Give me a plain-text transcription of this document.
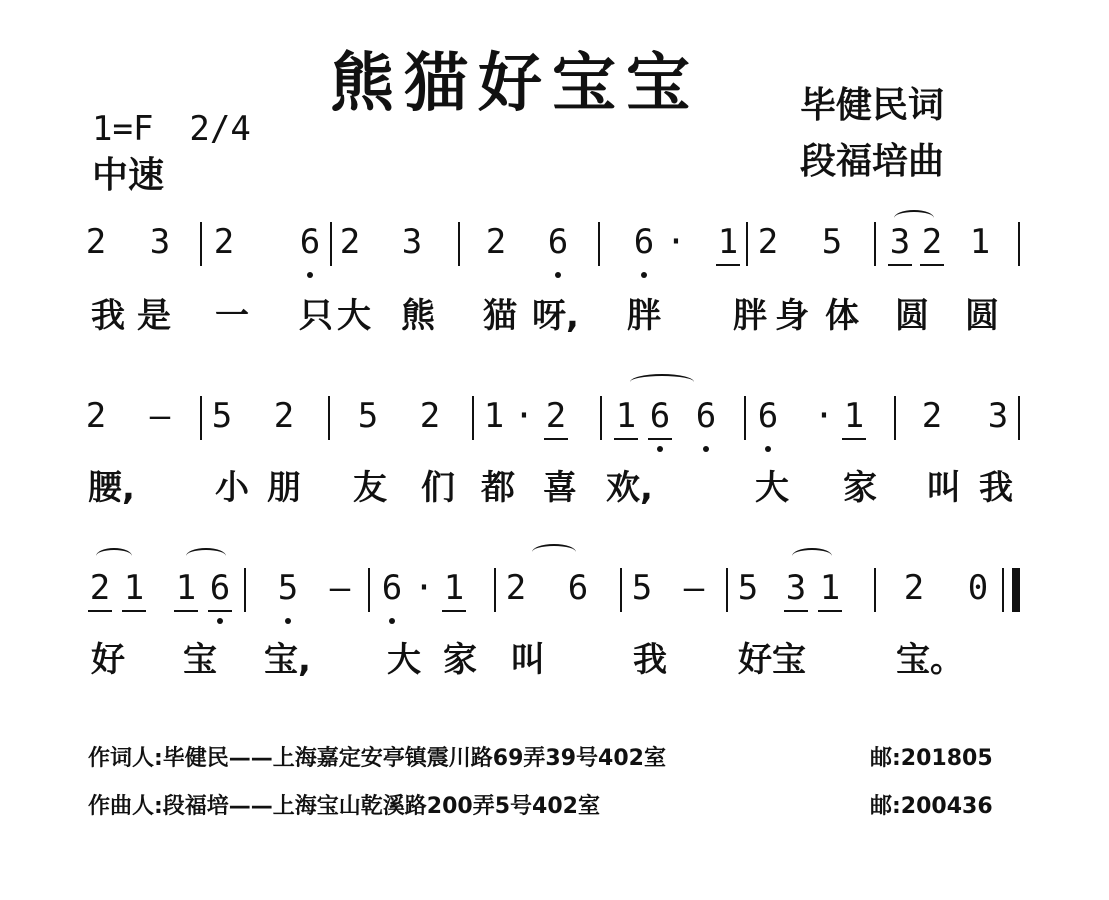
熊猫好宝宝	毕健民词
段福培曲
1=F 2/4
中速
2 3 2 6 2 3 2 6 6 · 1 2 5 3 2 1
我 是 一 只 大 熊 猫 呀, 胖 胖 身 体 圆 圆
2	—	5 2 5 2 1 · 2 1 6 6 6 · 1 2 3
腰, 小 朋 友 们 都 喜 欢,	大 家 叫 我
2 1 1 6 5 — 6 · 1 2 6 5 — 5 3 1 2 0
好 宝 宝, 大 家 叫	我 好宝	宝。
作词人:毕健民——上海嘉定安亭镇震川路69弄39号402室	邮:201805
作曲人:段福培——上海宝山乾溪路200弄5号402室	邮:200436
